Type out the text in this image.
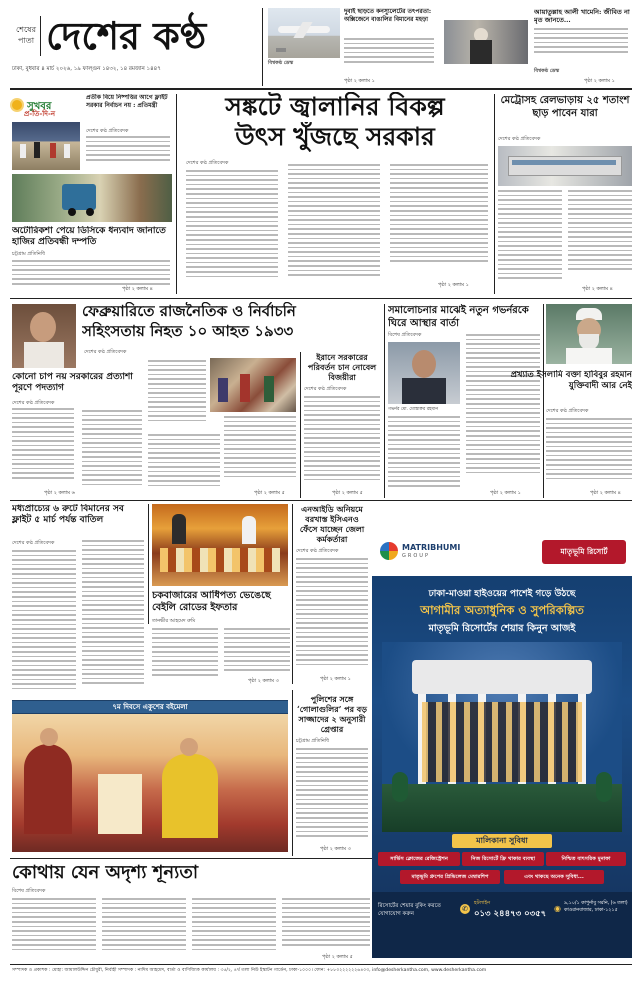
শেষের
পাতা দেশের কণ্ঠ
ঢাকা, বুধবার ৪ মার্চ ২০২৬, ১৯ ফাল্গুন ১৪৩২, ১৪ রমজান ১৪৪৭
দুবাই ছাড়তে কনস্যুলেটের তৎপরতা: অক্সিজেনে বাঙালির বিমানের মহড়া
বিশ্বকণ্ঠ ডেস্ক
পৃষ্ঠা ২ কলাম ১
আয়াতুল্লাহ আলী খামেনি: জীবিত না মৃত জানতে...
বিশ্বকণ্ঠ ডেস্ক
পৃষ্ঠা ২ কলাম ১
সুখবর
প্র-তি-দি-ন
প্রতীক বিয়ে নিষ্পত্তির আগে ফ্লাইট সরকার নির্বাচন নয় : প্রতিমন্ত্রী
দেশের কণ্ঠ প্রতিবেদক
অটোরিকশা পেয়ে ডিসিকে ধন্যবাদ জানাতে হাজির প্রতিবন্ধী দম্পতি
চট্টগ্রাম প্রতিনিধি
পৃষ্ঠা ২ কলাম ৪
সঙ্কটে জ্বালানির বিকল্প
উৎস খুঁজছে সরকার
দেশের কণ্ঠ প্রতিবেদক
পৃষ্ঠা ২ কলাম ১
মেট্রোসহ রেলভাড়ায় ২৫ শতাংশ ছাড় পাবেন যারা
দেশের কণ্ঠ প্রতিবেদক
পৃষ্ঠা ২ কলাম ৪
ফেব্রুয়ারিতে রাজনৈতিক ও নির্বাচনি
সহিংসতায় নিহত ১০ আহত ১৯৩৩
দেশের কণ্ঠ প্রতিবেদক
কোনো চাপ নয় সরকারের প্রত্যাশা পূরণে পদত্যাগ
দেশের কণ্ঠ প্রতিবেদক
পৃষ্ঠা ২ কলাম ৬	পৃষ্ঠা ২ কলাম ৫
ইরানে সরকারের পরিবর্তন চান নোবেল বিজয়ীরা
দেশের কণ্ঠ প্রতিবেদক
পৃষ্ঠা ২ কলাম ৫
সমালোচনার মাঝেই নতুন গভর্নরকে ঘিরে আস্থার বার্তা
বিশেষ প্রতিবেদক
গভর্নর মো. মোস্তাক্বর রহমান
পৃষ্ঠা ২ কলাম ১
প্রখ্যাত ইসলামি বক্তা হাবিবুর রহমান যুক্তিবাদী আর নেই
দেশের কণ্ঠ প্রতিবেদক
পৃষ্ঠা ২ কলাম ৪
মধ্যপ্রাচ্যের ৬ রুটে বিমানের সব ফ্লাইট ৫ মার্চ পর্যন্ত বাতিল
দেশের কণ্ঠ প্রতিবেদক
এনআইডি অনিয়মে বরখাস্ত ইসিএনও ফেঁসে যাচ্ছেন জেলা কর্মকর্তারা
দেশের কণ্ঠ প্রতিবেদক
পৃষ্ঠা ২ কলাম ১
চকবাজারের আধিপত্য ভেঙেছে বেইলি রোডের ইফতার
তানভীর আহমেদ রুমি
পৃষ্ঠা ২ কলাম ৩
৭ম দিবসে একুশের বইমেলা
পুলিশের সঙ্গে ‘গোলাগুলির’ পর বড় সাজ্জাদের ২ অনুসারী গ্রেপ্তার
চট্টগ্রাম প্রতিনিধি
পৃষ্ঠা ২ কলাম ৩
কোথায় যেন অদৃশ্য শূন্যতা
বিশেষ প্রতিবেদক
পৃষ্ঠা ২ কলাম ৫
MATRIBHUMI
GROUP	মাতৃভূমি রিসোর্ট
ঢাকা-মাওয়া হাইওয়ের পাশেই গড়ে উঠছে
আগামীর অত্যাধুনিক ও সুপরিকল্পিত
মাতৃভূমি রিসোর্টের শেয়ার কিনুন আজই
মালিকানা সুবিধা
সার্ভিস ক্লোজের রেজিস্ট্রেশন	নিজ রিসোর্টে ফ্রি থাকার ব্যবস্থা	নিশ্চিত বাৎসরিক মুনাফা
মাতৃভূমি গ্রুপের প্রিভিলেজ মেম্বারশিপ	এবং থাকছে অনেক সুবিধা...
রিসোর্টের শেয়ার বুকিং করতে যোগাযোগ করুন
✆
হটলাইন
০১৩ ২৪৪৭৩ ০৩৫৭
◉
৯,১০/১ কাপুর্নাবু সরনি, (৬ তলা) কাওরানবাজার, ঢাকা-১২১৫
সম্পাদক ও প্রকাশক : মোহা: জামালউদ্দিন চৌধুরী, নির্বাহী সম্পাদক : নাদিম আহমেদ, বার্তা ও বাণিজ্যিক কার্যালয় : ৩৫/২, ৪র্থ তলা নিউ ইস্কাটন গার্ডেন, ঢাকা-১০০০। ফোন: +৮৮০২২২২২২৬৪০৩, info@desherkantha.com, www.desherkantha.com
